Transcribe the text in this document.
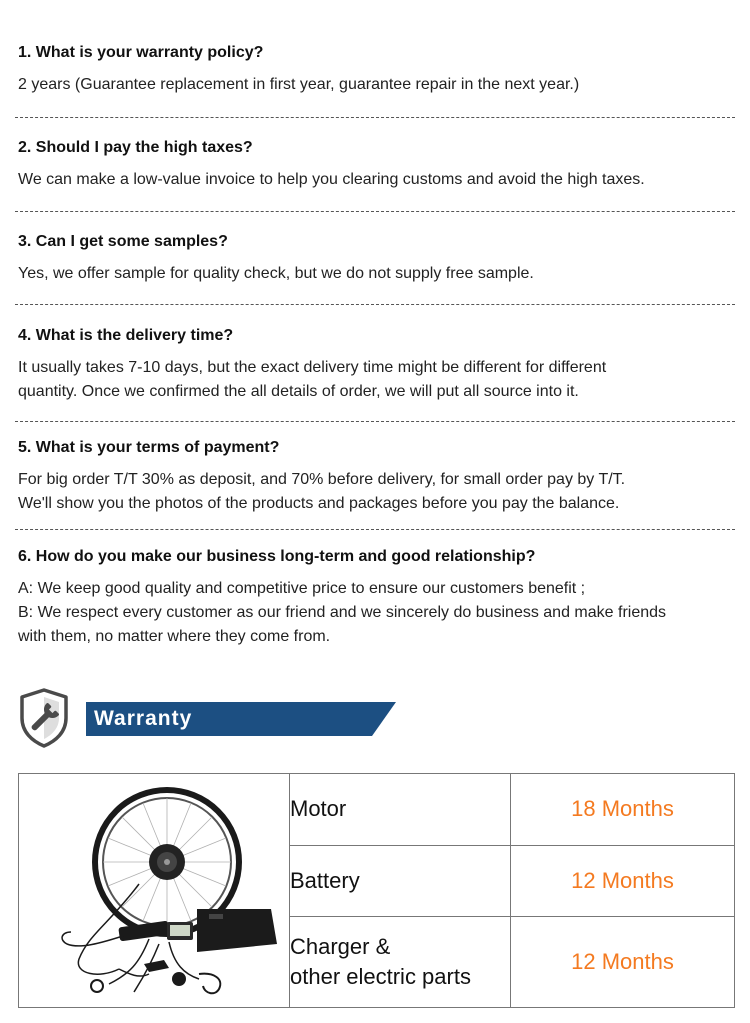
1. What is your warranty policy?

2 years (Guarantee replacement in first year, guarantee repair in the next year.)

2. Should I pay the high taxes?

We can make a low-value invoice to help you clearing customs and avoid the high taxes.

3. Can I get some samples?

Yes, we offer sample for quality check, but we do not supply free sample.

4. What is the delivery time?

It usually takes 7-10 days, but the exact delivery time might be different for different

quantity. Once we confirmed the all details of order, we will put all source into it.

5. What is your terms of payment?

For big order T/T 30% as deposit, and 70% before delivery, for small order pay by T/T.

We'll show you the photos of the products and packages before you pay the balance.

6. How do you make our business long-term and good relationship?

A: We keep good quality and competitive price to ensure our customers benefit ;

B: We respect every customer as our friend and we sincerely do business and make friends

with them, no matter where they come from.

Warranty

Motor	18 Months

	Battery	12 Months

	Charger &
other electric parts	12 Months
